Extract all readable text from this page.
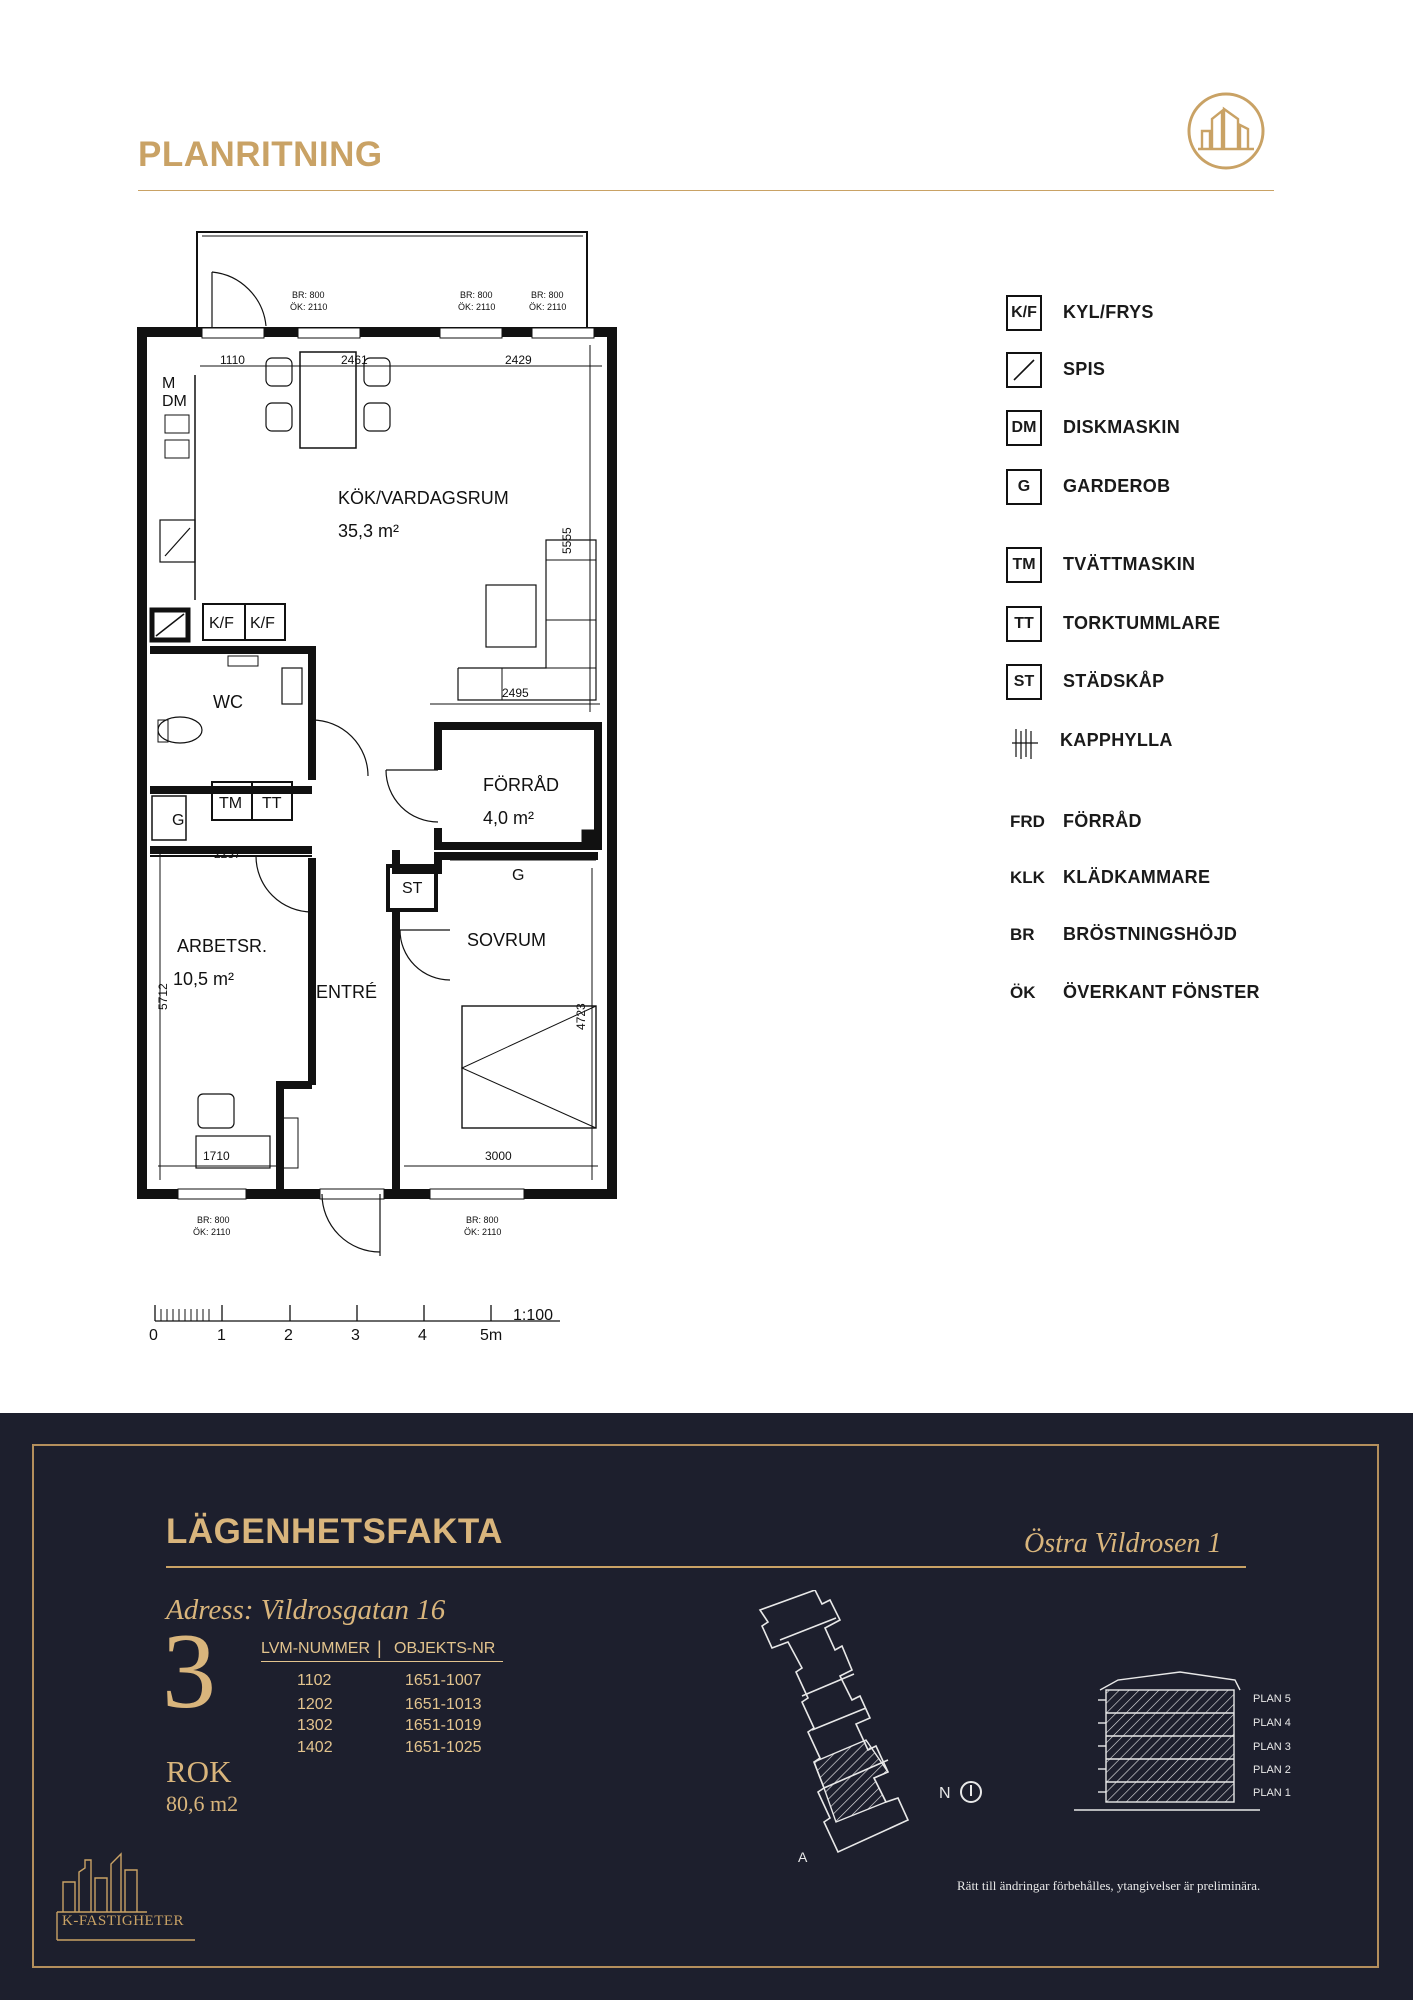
PLANRITNING
KÖK/VARDAGSRUM
35,3 m²
FÖRRÅD
4,0 m²
ARBETSR.
10,5 m²
WC
SOVRUM
ENTRÉ
M
DM
K/F K/F
TM TT
G
ST
G
1110	2461	2429
2495
2237
1710	3000
5555
5712
4723
BR: 800
ÖK: 2110
BR: 800
ÖK: 2110
BR: 800
ÖK: 2110
BR: 800
ÖK: 2110
BR: 800
ÖK: 2110
1:100
0	1	2	3	4	5m
K/F KYL/FRYS
SPIS
DM	DISKMASKIN
G	GARDEROB
TM	TVÄTTMASKIN
TT	TORKTUMMLARE
ST	STÄDSKÅP
KAPPHYLLA
FRD FÖRRÅD
KLK KLÄDKAMMARE
BR BRÖSTNINGSHÖJD
ÖK ÖVERKANT FÖNSTER
LÄGENHETSFAKTA	Östra Vildrosen 1
Adress: Vildrosgatan 16
3
ROK
80,6 m2
LVM-NUMMER | OBJEKTS-NR
1102	1651-1007
1202	1651-1013
1302	1651-1019
1402	1651-1025
N
A
PLAN 5
PLAN 4
PLAN 3
PLAN 2
PLAN 1
Rätt till ändringar förbehålles, ytangivelser är preliminära.
K-FASTIGHETER
